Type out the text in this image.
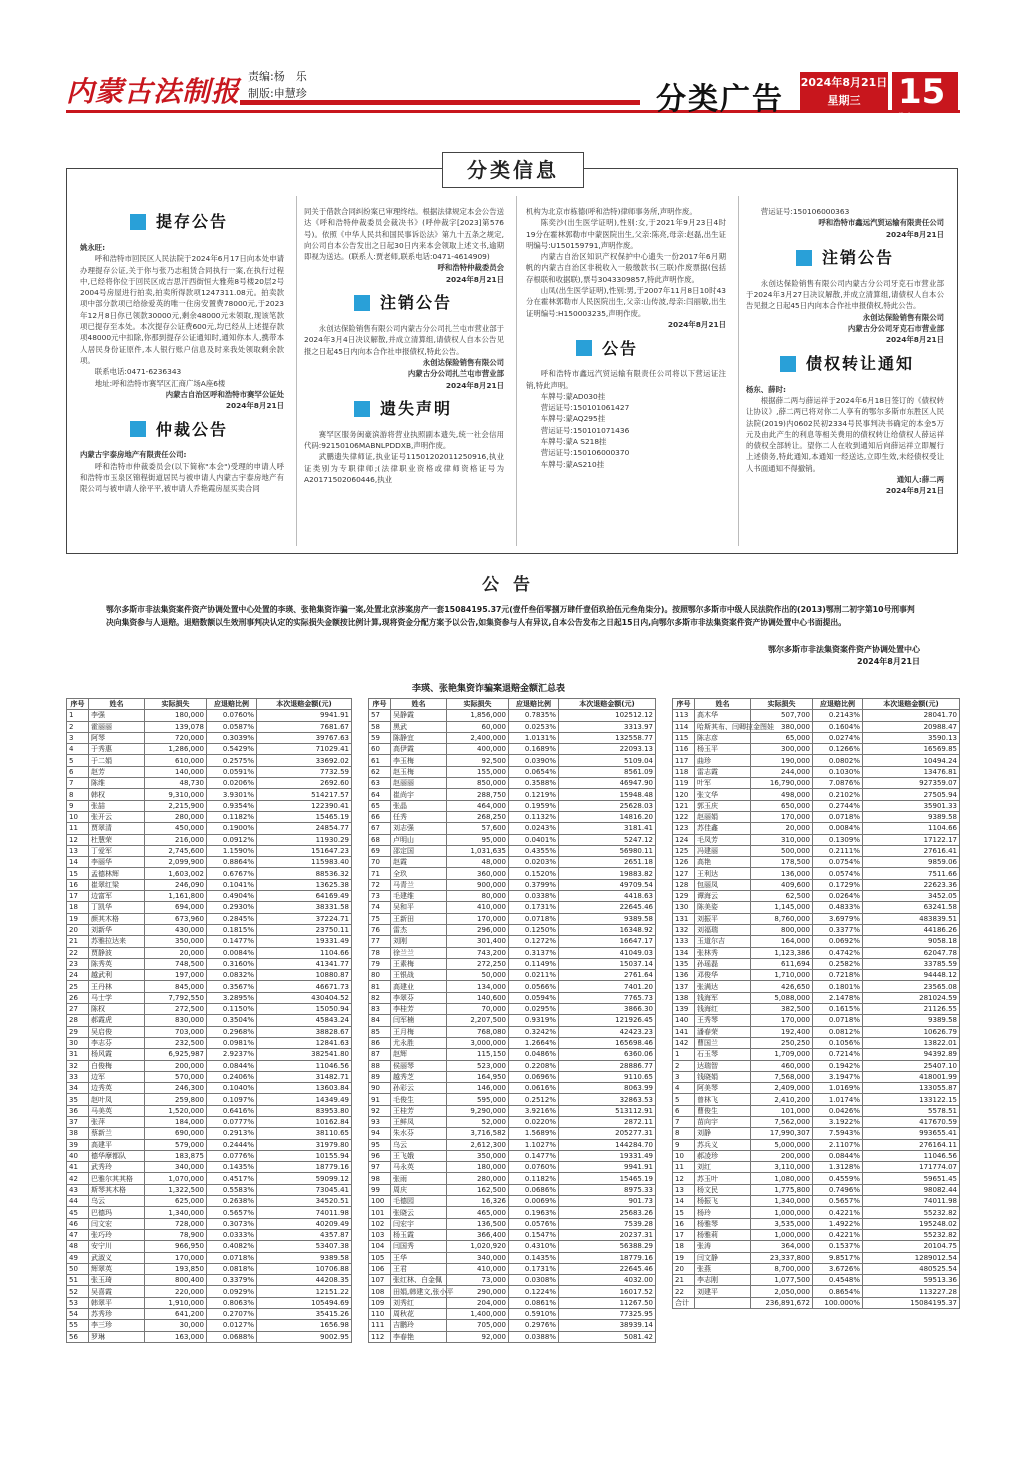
内蒙古法制报 责编:杨　乐
制版:申慧珍	分类广告 2024年8月21日
星期三	$15^版$
分类信息
提存公告

姚永旺:

呼和浩特市回民区人民法院于2024年6月17日向本处申请办理提存公证,关于你与张乃志租赁合同执行一案,在执行过程中,已经将你位于回民区成吉思汗西街恒大雅苑8号楼20层2号2004号房屋进行拍卖,拍卖所得款项1247311.08元。拍卖款项中部分款项已给徐爱英的唯一住房安置费78000元,于2023年12月8日你已领款30000元,剩余48000元未领取,现该笔款项已提存至本处。本次提存公证费600元,均已经从上述提存款项48000元中扣除,你那到提存公证通知时,通知你本人,携带本人居民身份证原件,本人银行账户信息及时来我处领取剩余款项。

联系电话:0471-6236343

地址:呼和浩特市赛罕区汇商广场A座6楼

内蒙古自治区呼和浩特市赛罕公证处

2024年8月21日

仲裁公告

内蒙古宇泰房地产有限责任公司:

呼和浩特市仲裁委员会(以下简称"本会")受理的申请人呼和浩特市玉泉区锦程街道居民与被申请人内蒙古宇泰房地产有限公司与被申请人徐平平,被申请人乔艳霞房屋买卖合同

同关于借款合同纠纷案已审理终结。根据法律规定本会公告送达《呼和浩特仲裁委员会裁决书》(呼仲裁字[2023]第576号)。依照《中华人民共和国民事诉讼法》第九十五条之规定,向公司自本公告发出之日起30日内来本会领取上述文书,逾期即视为送达。(联系人:贾老师,联系电话:0471-4614909)

呼和浩特仲裁委员会

2024年8月21日

注销公告

永创达保险销售有限公司内蒙古分公司扎兰屯市营业部于2024年3月4日决议解散,并成立清算组,请债权人自本公告见报之日起45日内向本合作社申报债权,特此公告。

永创达保险销售有限公司

内蒙古分公司扎兰屯市营业部

2024年8月21日

遗失声明

赛罕区服务闽豪滨游将营业执照副本遗失,统一社会信用代码:92150106MABNLPDDXB,声明作废。

武鹏遗失律师证,执业证号11501202011250916,执业证类别为专职律师;(法律职业资格或律师资格证号为A20171502060446,执业

机构为北京市栋德(呼和浩特)律师事务所,声明作废。

陈奕沙(出生医学证明),性别:女,于2021年9月23日4时19分在霍林郭勒市中蒙医院出生,父亲:陈亮,母亲:赵磊,出生证明编号:U150159791,声明作废。

内蒙古自治区知识产权保护中心遗失一份2017年6月期帆的内蒙古自治区非税收入一般缴款书(三联)作废票据(包括存根联和收据联),票号3043309857,特此声明作废。

山凤(出生医学证明),性别:男,于2007年11月8日10时43分在霍林郭勒市人民医院出生,父亲:山传波,母亲:闫丽敏,出生证明编号:H150003235,声明作废。

2024年8月21日

公告

呼和浩特市鑫远汽贸运输有限责任公司将以下营运证注销,特此声明。

车牌号:蒙AD030挂

营运证号:150101061427

车牌号:蒙AQ295挂

营运证号:150101071436

车牌号:蒙A S218挂

营运证号:150106000370

车牌号:蒙AS210挂

营运证号:150106000363

呼和浩特市鑫远汽贸运输有限责任公司

2024年8月21日

注销公告

永创达保险销售有限公司内蒙古分公司牙克石市营业部于2024年3月27日决议解散,并成立清算组,请债权人自本公告见报之日起45日内向本合作社申报债权,特此公告。

永创达保险销售有限公司

内蒙古分公司牙克石市营业部

2024年8月21日

债权转让通知

杨东、薛时:

根据薛二两与薛运祥于2024年6月18日签订的《债权转让协议》,薛二两已将对你二人享有的鄂尔多斯市东胜区人民法院(2019)内0602民初2334号民事判决书确定的本金5万元及由此产生的利息等相关费用的债权转让给债权人薛运祥的债权全部转让。望你二人在收到通知后向薛运祥立即履行上述债务,特此通知,本通知一经送达,立即生效,未经债权受让人书面通知不得撤销。

通知人:薛二两

2024年8月21日

公告
鄂尔多斯市非法集资案件资产协调处置中心处置的李瑛、张艳集资诈骗一案,处置北京涉案房产一套15084195.37元(壹仟叁佰零捌万肆仟壹佰玖拾伍元叁角柒分)。按照鄂尔多斯市中级人民法院作出的(2013)鄂刑二初字第10号刑事判决向集资参与人退赔。退赔数额以生效刑事判决认定的实际损失金额按比例计算,现将资金分配方案予以公告,如集资参与人有异议,自本公告发布之日起15日内,向鄂尔多斯市非法集资案件资产协调处置中心书面提出。
鄂尔多斯市非法集资案件资产协调处置中心
2024年8月21日
李瑛、张艳集资诈骗案退赔金额汇总表
序号	姓名	实际损失	应退赔比例	本次退赔金额(元)
1	李强	180,000	0.0760%	9941.91
2	霍丽丽	139,078	0.0587%	7681.67
3	阿琴	720,000	0.3039%	39767.63
4	于秀惠	1,286,000	0.5429%	71029.41
5	于二娟	610,000	0.2575%	33692.02
6	赵芳	140,000	0.0591%	7732.59
7	陈维	48,730	0.0206%	2692.60
8	韩权	9,310,000	3.9301%	514217.57
9	张喆	2,215,900	0.9354%	122390.41
10	张开云	280,000	0.1182%	15465.19
11	贾翠清	450,000	0.1900%	24854.77
12	杜慧荣	216,000	0.0912%	11930.29
13	丁爱军	2,745,600	1.1590%	151647.23
14	李丽华	2,099,900	0.8864%	115983.40
15	孟德林辉	1,603,002	0.6767%	88536.32
16	崔翠红梁	246,090	0.1041%	13625.38
17	边富军	1,161,800	0.4904%	64169.49
18	丁凯华	694,000	0.2930%	38331.58
19	颜其木格	673,960	0.2845%	37224.71
20	刘新华	430,000	0.1815%	23750.11
21	苏雅拉达来	350,000	0.1477%	19331.49
22	贾静波	20,000	0.0084%	1104.66
23	陈秀英	748,500	0.3160%	41341.77
24	越武利	197,000	0.0832%	10880.87
25	王丹林	845,000	0.3567%	46671.73
26	马士学	7,792,550	3.2895%	430404.52
27	陈权	272,500	0.1150%	15050.94
28	郝霞虎	830,000	0.3504%	45843.24
29	吴启俊	703,000	0.2968%	38828.67
30	李志芬	232,500	0.0981%	12841.63
31	杨风霞	6,925,987	2.9237%	382541.80
32	白俊梅	200,000	0.0844%	11046.56
33	边军	570,000	0.2406%	31482.71
34	边秀英	246,300	0.1040%	13603.84
35	赵叶凤	259,800	0.1097%	14349.49
36	马美英	1,520,000	0.6416%	83953.80
37	张萍	184,000	0.0777%	10162.84
38	蔡新兰	690,000	0.2913%	38110.65
39	高建平	579,000	0.2444%	31979.80
40	德华摩都队	183,875	0.0776%	10155.94
41	武秀玲	340,000	0.1435%	18779.16
42	巴雅尔其其格	1,070,000	0.4517%	59099.12
43	斯琴其木格	1,322,500	0.5583%	73045.41
44	乌云	625,000	0.2638%	34520.51
45	巴德玛	1,340,000	0.5657%	74011.98
46	闫文宏	728,000	0.3073%	40209.49
47	张巧玲	78,900	0.0333%	4357.87
48	安宁川	966,950	0.4082%	53407.38
49	武淑义	170,000	0.0718%	9389.58
50	辉翠英	193,850	0.0818%	10706.88
51	张玉琦	800,400	0.3379%	44208.35
52	吴喜霞	220,000	0.0929%	12151.22
53	韩翠平	1,910,000	0.8063%	105494.69
54	苏秀珍	641,200	0.2707%	35415.26
55	李三珍	30,000	0.0127%	1656.98
56	罗琳	163,000	0.0688%	9002.95
序号	姓名	实际损失	应退赔比例	本次退赔金额(元)
57	吴静霞	1,856,000	0.7835%	102512.12
58	黑武	60,000	0.0253%	3313.97
59	陈静宜	2,400,000	1.0131%	132558.77
60	高伊霞	400,000	0.1689%	22093.13
61	李玉梅	92,500	0.0390%	5109.04
62	赵玉梅	155,000	0.0654%	8561.09
63	赵丽丽	850,000	0.3588%	46947.90
64	崔尚宇	288,750	0.1219%	15948.48
65	张晶	464,000	0.1959%	25628.03
66	任秀	268,250	0.1132%	14816.20
67	刘志强	57,600	0.0243%	3181.41
68	卢明山	95,000	0.0401%	5247.12
69	邵定国	1,031,635	0.4355%	56980.11
70	赵霞	48,000	0.0203%	2651.18
71	全玖	360,000	0.1520%	19883.82
72	马青兰	900,000	0.3799%	49709.54
73	毛建维	80,000	0.0338%	4418.63
74	吴和平	410,000	0.1731%	22645.46
75	王新田	170,000	0.0718%	9389.58
76	雷杰	296,000	0.1250%	16348.92
77	刘刚	301,400	0.1272%	16647.17
78	徐兰兰	743,200	0.3137%	41049.03
79	王素梅	272,250	0.1149%	15037.14
80	王银战	50,000	0.0211%	2761.64
81	高建业	134,000	0.0566%	7401.20
82	李翠芬	140,600	0.0594%	7765.73
83	李桂芳	70,000	0.0295%	3866.30
84	闫军楠	2,207,500	0.9319%	121926.45
85	王月梅	768,080	0.3242%	42423.23
86	尤永胜	3,000,000	1.2664%	165698.46
87	赵辉	115,150	0.0486%	6360.06
88	侯丽琴	523,000	0.2208%	28886.77
89	越秀芝	164,950	0.0696%	9110.65
90	孙彩云	146,000	0.0616%	8063.99
91	毛俊生	595,000	0.2512%	32863.53
92	王桂芳	9,290,000	3.9216%	513112.91
93	王鲜凤	52,000	0.0220%	2872.11
94	朱水芬	3,716,582	1.5689%	205277.31
95	乌云	2,612,300	1.1027%	144284.70
96	王飞娥	350,000	0.1477%	19331.49
97	马永英	180,000	0.0760%	9941.91
98	张雨	280,000	0.1182%	15465.19
99	周庆	162,500	0.0686%	8975.33
100	毛德园	16,326	0.0069%	901.73
101	张晓云	465,000	0.1963%	25683.26
102	闫宏宇	136,500	0.0576%	7539.28
103	杨玉霞	366,400	0.1547%	20237.31
104	闫国秀	1,020,920	0.4310%	56388.29
105	王华	340,000	0.1435%	18779.16
106	王君	410,000	0.1731%	22645.46
107	张红林、白金佩	73,000	0.0308%	4032.00
108	田娟,韩建文,张小平	290,000	0.1224%	16017.52
109	刘秀红	204,000	0.0861%	11267.50
110	周秋花	1,400,000	0.5910%	77325.95
111	吉鹏玲	705,000	0.2976%	38939.14
112	李春艳	92,000	0.0388%	5081.42
序号	姓名	实际损失	应退赔比例	本次退赔金额(元)
113	高木华	507,700	0.2143%	28041.70
114	哈斯其布、闫卿拉金图娃	380,000	0.1604%	20988.47
115	陈志彦	65,000	0.0274%	3590.13
116	杨玉平	300,000	0.1266%	16569.85
117	曲珍	190,000	0.0802%	10494.24
118	雷志霞	244,000	0.1030%	13476.81
119	叶军	16,790,000	7.0876%	927359.07
120	张文华	498,000	0.2102%	27505.94
121	郭玉庆	650,000	0.2744%	35901.33
122	赵丽娟	170,000	0.0718%	9389.58
123	苏佳鑫	20,000	0.0084%	1104.66
124	毛凤芳	310,000	0.1309%	17122.17
125	冯建丽	500,000	0.2111%	27616.41
126	高艳	178,500	0.0754%	9859.06
127	王利达	136,000	0.0574%	7511.66
128	包丽凤	409,600	0.1729%	22623.36
129	谭海云	62,500	0.0264%	3452.05
130	陈美姿	1,145,000	0.4833%	63241.58
131	刘振平	8,760,000	3.6979%	483839.51
132	刘福瑞	800,000	0.3377%	44186.26
133	玉道尔吉	164,000	0.0692%	9058.18
134	张林秀	1,123,386	0.4742%	62047.78
135	孙瑶磊	611,694	0.2582%	33785.59
136	邓俊华	1,710,000	0.7218%	94448.12
137	张满达	426,650	0.1801%	23565.08
138	钱海军	5,088,000	2.1478%	281024.59
139	钱海红	382,500	0.1615%	21126.55
140	王秀琴	170,000	0.0718%	9389.58
141	潘春荣	192,400	0.0812%	10626.79
142	曹国兰	250,250	0.1056%	13822.01
1	石玉琴	1,709,000	0.7214%	94392.89
2	达瑞智	460,000	0.1942%	25407.10
3	钱晓娟	7,568,000	3.1947%	418001.99
4	阿美琴	2,409,000	1.0169%	133055.87
5	曾林飞	2,410,200	1.0174%	133122.15
6	曹俊生	101,000	0.0426%	5578.51
7	苗向宇	7,562,000	3.1922%	417670.59
8	刘静	17,990,307	7.5943%	993655.41
9	苏兵义	5,000,000	2.1107%	276164.11
10	郝凌珍	200,000	0.0844%	11046.56
11	刘红	3,110,000	1.3128%	171774.07
12	苏玉叶	1,080,000	0.4559%	59651.45
13	杨文民	1,775,800	0.7496%	98082.44
14	杨振飞	1,340,000	0.5657%	74011.98
15	杨玲	1,000,000	0.4221%	55232.82
16	杨雅琴	3,535,000	1.4922%	195248.02
17	杨雅莉	1,000,000	0.4221%	55232.82
18	张涛	364,000	0.1537%	20104.75
19	闫文静	23,337,800	9.8517%	1289012.54
20	张燕	8,700,000	3.6726%	480525.54
21	李志刚	1,077,500	0.4548%	59513.36
22	刘建平	2,050,000	0.8654%	113227.28
合计		236,891,672	100.000%	15084195.37
